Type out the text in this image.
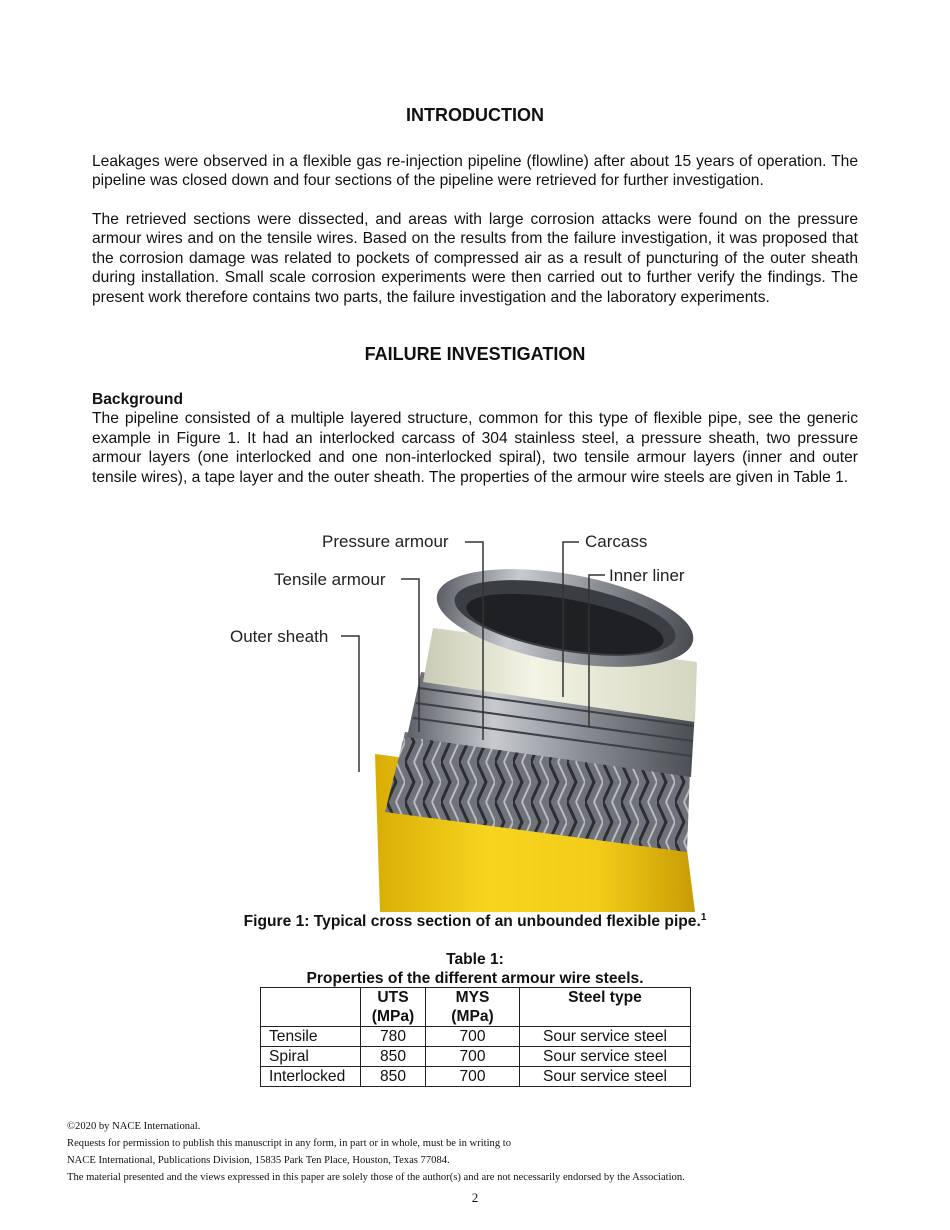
INTRODUCTION
Leakages were observed in a flexible gas re-injection pipeline (flowline) after about 15 years of operation. The pipeline was closed down and four sections of the pipeline were retrieved for further investigation.
The retrieved sections were dissected, and areas with large corrosion attacks were found on the pressure armour wires and on the tensile wires. Based on the results from the failure investigation, it was proposed that the corrosion damage was related to pockets of compressed air as a result of puncturing of the outer sheath during installation. Small scale corrosion experiments were then carried out to further verify the findings. The present work therefore contains two parts, the failure investigation and the laboratory experiments.
FAILURE INVESTIGATION
Background
The pipeline consisted of a multiple layered structure, common for this type of flexible pipe, see the generic example in Figure 1. It had an interlocked carcass of 304 stainless steel, a pressure sheath, two pressure armour layers (one interlocked and one non-interlocked spiral), two tensile armour layers (inner and outer tensile wires), a tape layer and the outer sheath. The properties of the armour wire steels are given in Table 1.
Pressure armour	Carcass
Tensile armour	Inner liner
Outer sheath
Figure 1: Typical cross section of an unbounded flexible pipe.$^1$
Table 1:
Properties of the different armour wire steels.
	UTS (MPa)	MYS (MPa)	Steel type
Tensile	780	700	Sour service steel
Spiral	850	700	Sour service steel
Interlocked	850	700	Sour service steel
©2020 by NACE International.
Requests for permission to publish this manuscript in any form, in part or in whole, must be in writing to
NACE International, Publications Division, 15835 Park Ten Place, Houston, Texas 77084.
The material presented and the views expressed in this paper are solely those of the author(s) and are not necessarily endorsed by the Association.
2
